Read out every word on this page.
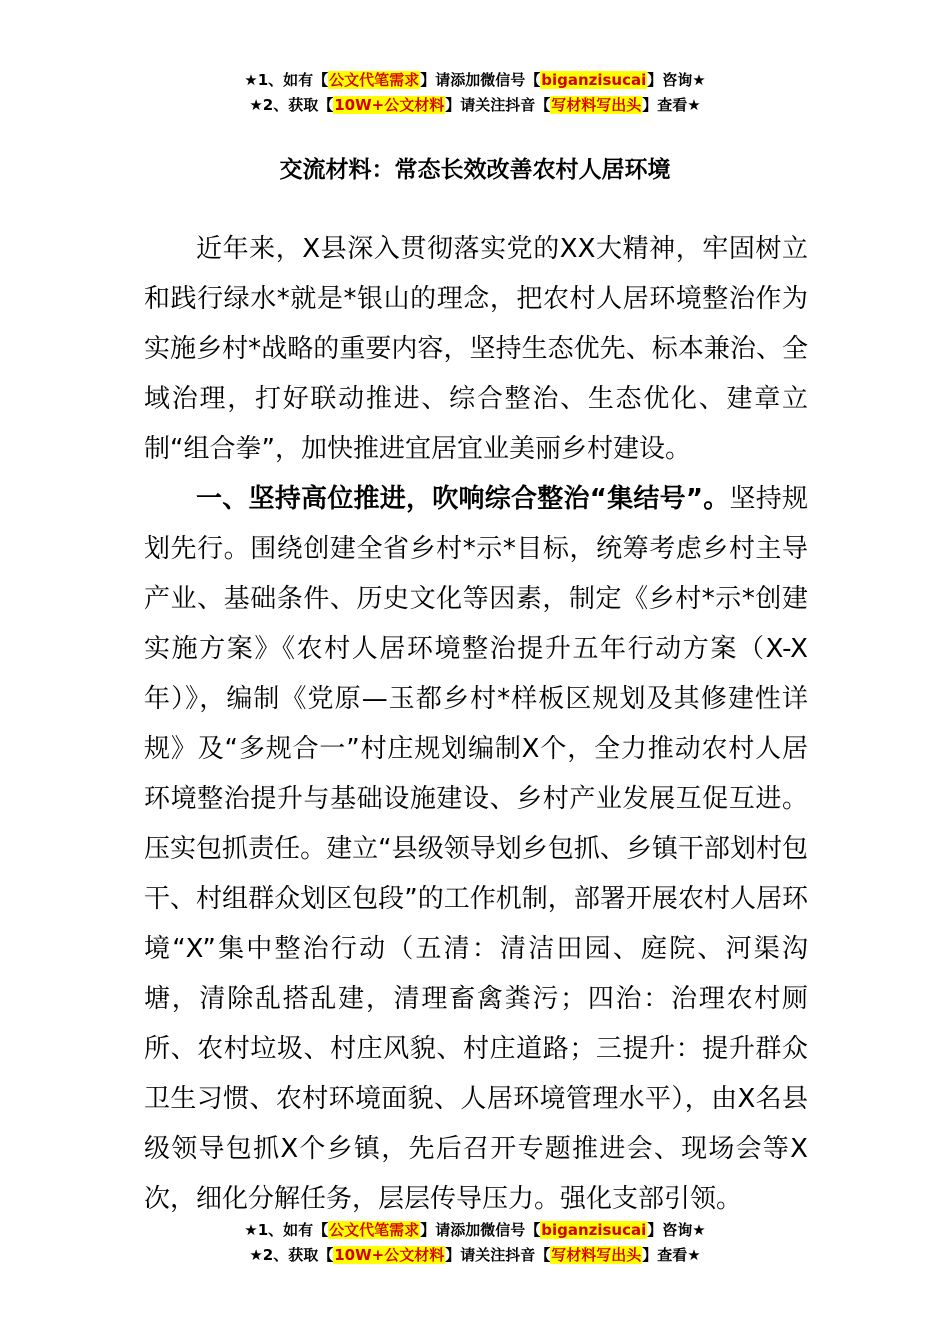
★1、如有【公文代笔需求】请添加微信号【biganzisucai】咨询★
★2、获取【10W+公文材料】请关注抖音【写材料写出头】查看★
交流材料：常态长效改善农村人居环境

近年来，X县深入贯彻落实党的XX大精神，牢固树立和践行绿水*就是*银山的理念，把农村人居环境整治作为实施乡村*战略的重要内容，坚持生态优先、标本兼治、全域治理，打好联动推进、综合整治、生态优化、建章立制“组合拳”，加快推进宜居宜业美丽乡村建设。

一、坚持高位推进，吹响综合整治“集结号”。坚持规划先行。围绕创建全省乡村*示*目标，统筹考虑乡村主导产业、基础条件、历史文化等因素，制定《乡村*示*创建实施方案》《农村人居环境整治提升五年行动方案（X-X年）》，编制《党原—玉都乡村*样板区规划及其修建性详规》及“多规合一”村庄规划编制X个，全力推动农村人居环境整治提升与基础设施建设、乡村产业发展互促互进。压实包抓责任。建立“县级领导划乡包抓、乡镇干部划村包干、村组群众划区包段”的工作机制，部署开展农村人居环境“X”集中整治行动（五清：清洁田园、庭院、河渠沟塘，清除乱搭乱建，清理畜禽粪污；四治：治理农村厕所、农村垃圾、村庄风貌、村庄道路；三提升：提升群众卫生习惯、农村环境面貌、人居环境管理水平），由X名县级领导包抓X个乡镇，先后召开专题推进会、现场会等X次，细化分解任务，层层传导压力。强化支部引领。

★1、如有【公文代笔需求】请添加微信号【biganzisucai】咨询★
★2、获取【10W+公文材料】请关注抖音【写材料写出头】查看★
